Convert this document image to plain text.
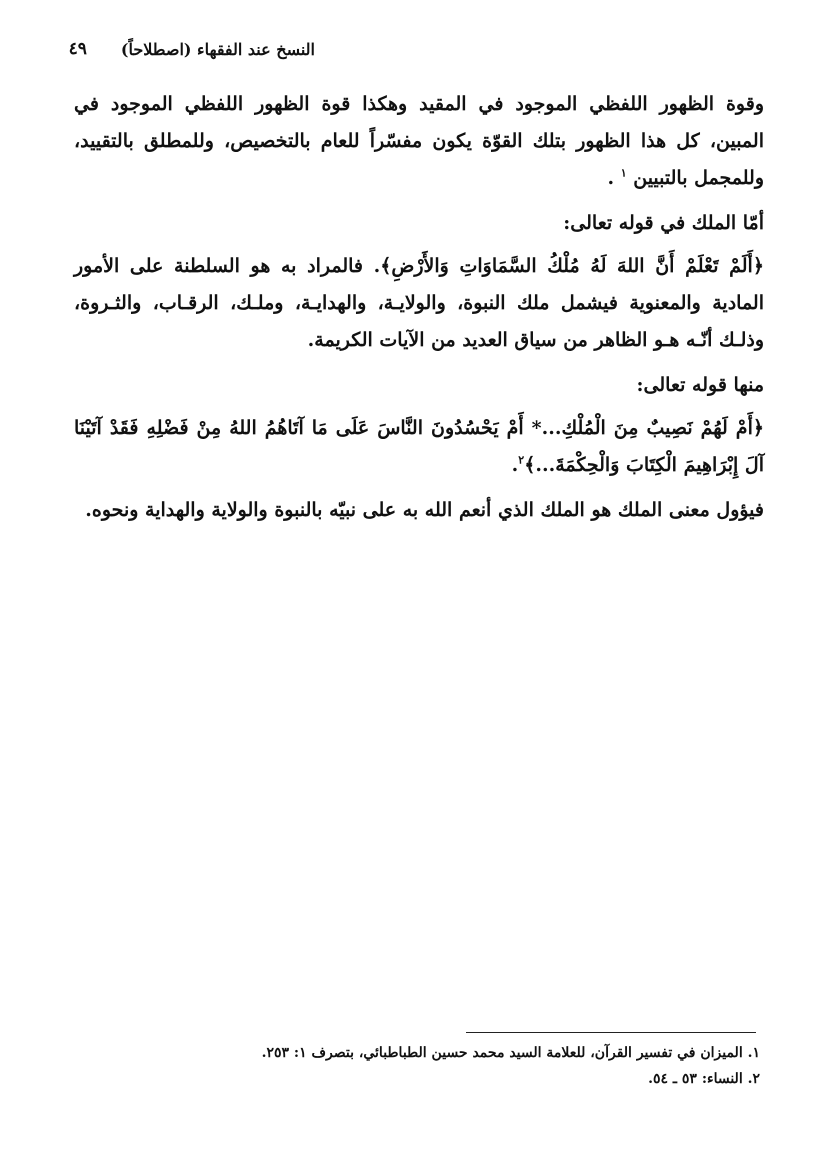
النسخ عند الفقهاء (اصطلاحاً)
٤٩

وقوة الظهور اللفظي الموجود في المقيد وهكذا قوة الظهور اللفظي الموجود في المبين، كل هذا الظهور بتلك القوّة يكون مفسّراً للعام بالتخصيص، وللمطلق بالتقييد، وللمجمل بالتبيين $^١$ .

أمّا الملك في قوله تعالى:

﴿أَلَمْ تَعْلَمْ أَنَّ اللهَ لَهُ مُلْكُ السَّمَاوَاتِ وَالأَرْضِ﴾. فالمراد به هو السلطنة على الأمور المادية والمعنوية فيشمل ملك النبوة، والولايـة، والهدايـة، وملـك، الرقـاب، والثـروة، وذلـك أنّـه هـو الظاهر من سياق العديد من الآيات الكريمة.

منها قوله تعالى:

﴿أَمْ لَهُمْ نَصِيبٌ مِنَ الْمُلْكِ...* أَمْ يَحْسُدُونَ النَّاسَ عَلَى مَا آتَاهُمُ اللهُ مِنْ فَضْلِهِ فَقَدْ آتَيْنَا آلَ إِبْرَاهِيمَ الْكِتَابَ وَالْحِكْمَةَ...﴾$^٢$.

فيؤول معنى الملك هو الملك الذي أنعم الله به على نبيّه بالنبوة والولاية والهداية ونحوه.

١. الميزان في تفسير القرآن، للعلامة السيد محمد حسين الطباطبائي، بتصرف ١: ٢٥٣.
٢. النساء: ٥٣ ـ ٥٤.
